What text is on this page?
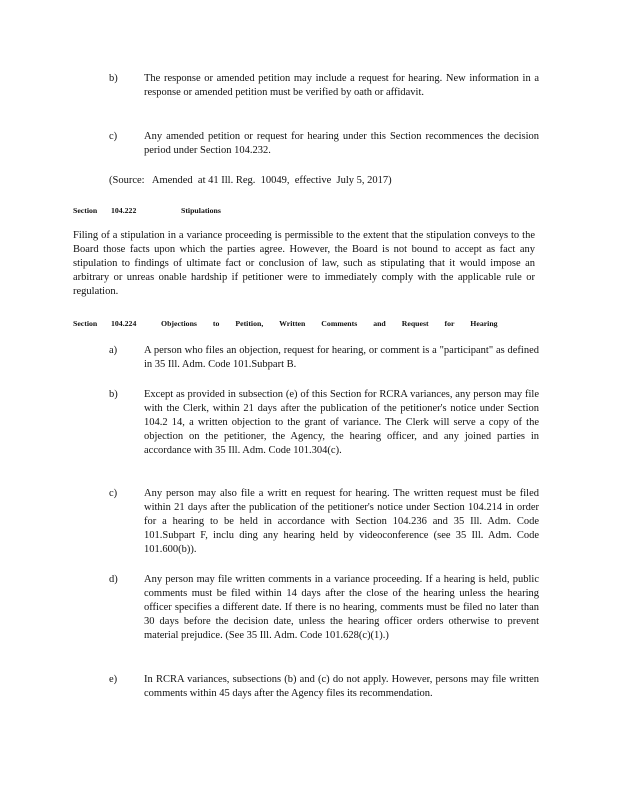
b)	The response or amended petition may include a request for hearing. New information in a response or amended petition must be verified by oath or affidavit.
c)	Any amended petition or request for hearing under this Section recommences the decision period under Section 104.232.
(Source:   Amended  at 41 Ill. Reg.  10049,  effective  July 5, 2017)
Section 104.222	Stipulations
Filing of a stipulation in a variance proceeding is permissible to the extent that the stipulation conveys to the Board those facts upon which the parties agree. However, the Board is not bound to accept as fact any stipulation to findings of ultimate fact or conclusion of law, such as stipulating that it would impose an arbitrary or unreas onable hardship if petitioner were to immediately comply with the applicable rule or regulation.
Section 104.224	Objections to Petition, Written Comments and Request for Hearing
a)	A person who files an objection, request for hearing, or comment is a "participant" as defined in 35 Ill. Adm. Code 101.Subpart B.
b)	Except as provided in subsection (e) of this Section for RCRA variances, any person may file with the Clerk, within 21 days after the publication of the petitioner's notice under Section 104.2 14, a written objection to the grant of variance. The Clerk will serve a copy of the objection on the petitioner, the Agency, the hearing officer, and any joined parties in accordance with 35 Ill. Adm. Code 101.304(c).
c)	Any person may also file a writt en request for hearing. The written request must be filed within 21 days after the publication of the petitioner's notice under Section 104.214 in order for a hearing to be held in accordance with Section 104.236 and 35 Ill. Adm. Code 101.Subpart F, inclu ding any hearing held by videoconference (see 35 Ill. Adm. Code 101.600(b)).
d)	Any person may file written comments in a variance proceeding. If a hearing is held, public comments must be filed within 14 days after the close of the hearing unless the hearing officer specifies a different date. If there is no hearing, comments must be filed no later than 30 days before the decision date, unless the hearing officer orders otherwise to prevent material prejudice. (See 35 Ill. Adm. Code 101.628(c)(1).)
e)	In RCRA variances, subsections (b) and (c) do not apply. However, persons may file written comments within 45 days after the Agency files its recommendation.
